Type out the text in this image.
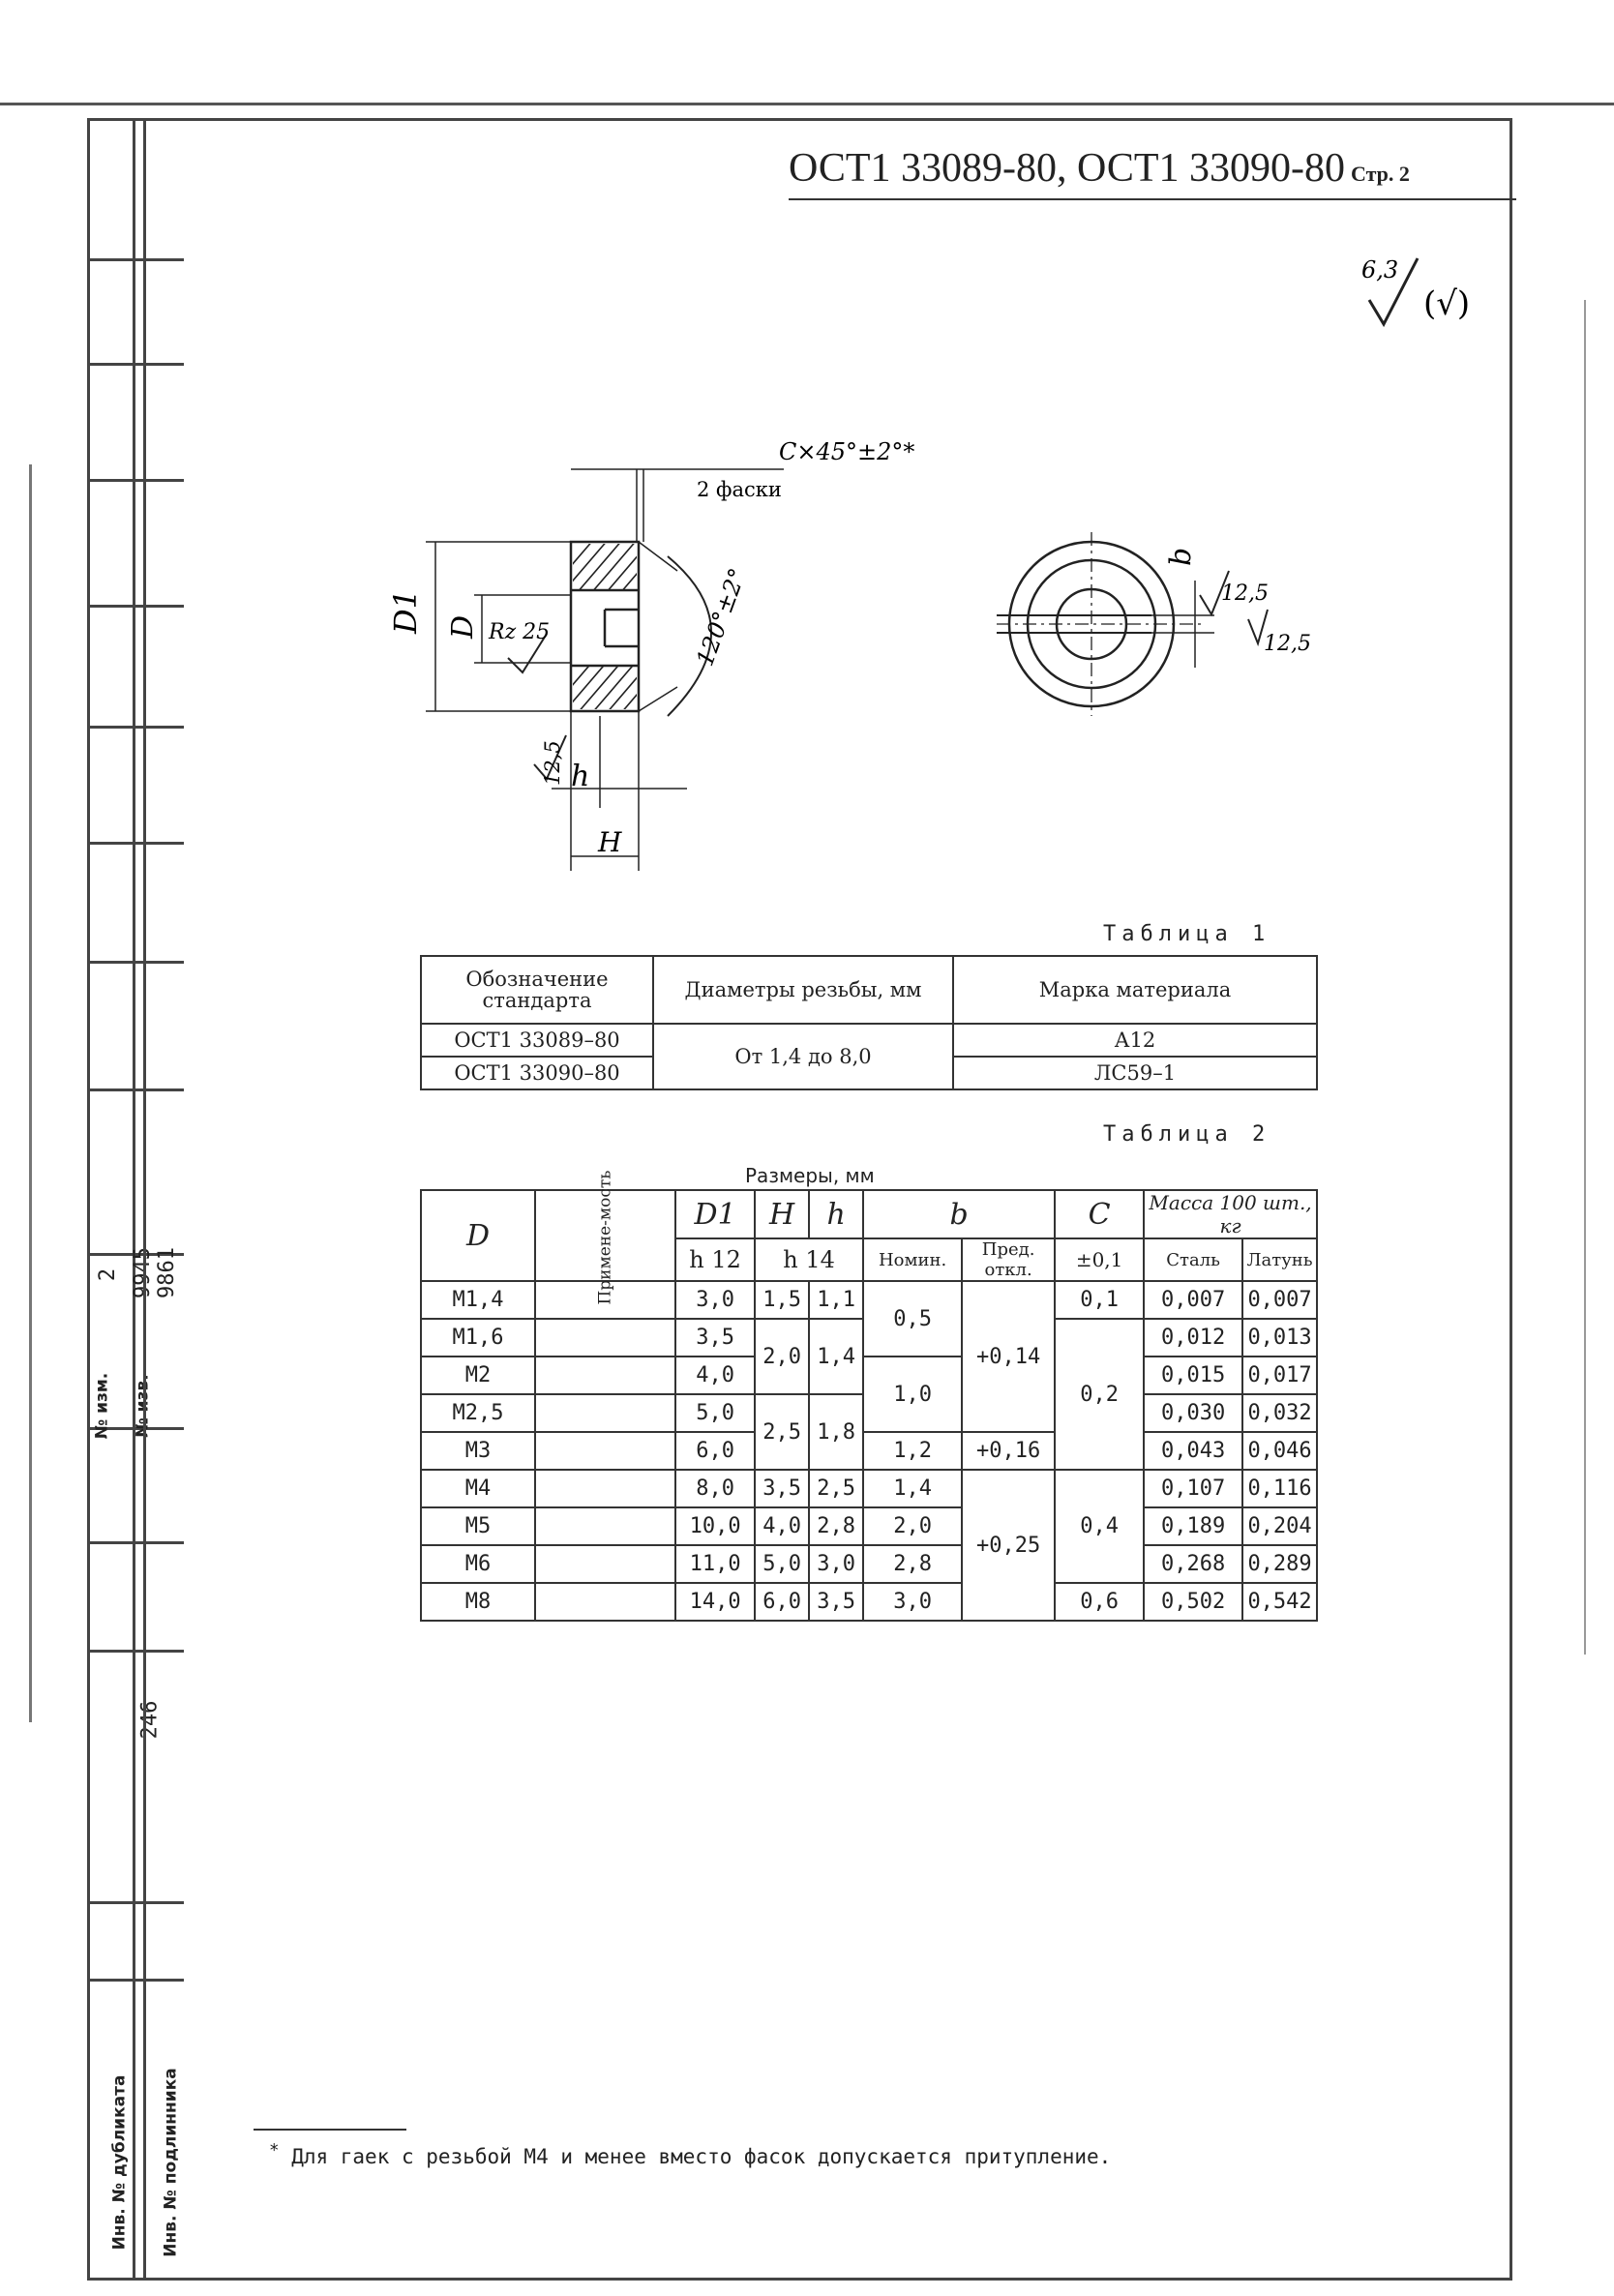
№ изм. № изв.
2 9945 9861
246
Инв. № дубликата Инв. № подлинника
ОСТ1 33089-80, ОСТ1 33090-80 Стр. 2
6,3
(√)
C×45°±2°*
2 фаски
120°±2°
D1 D Rz 25
h
H
12,5
b
12,5
12,5
Таблица 1
Обозначение стандарта	Диаметры резьбы, мм	Марка материала
ОСТ1 33089–80	От 1,4 до 8,0	А12
ОСТ1 33090–80		ЛС59–1
Таблица 2
Размеры, мм
D	Примене-мость	D1	H	h	b		C	Масса 100 шт., кг	
			h 14		Номин.	Пред. откл.		Сталь	Латунь
		h 12					±0,1		
M1,4		3,0	1,5	1,1	0,5	+0,14	0,1	0,007	0,007
M1,6		3,5	2,0	1,4			0,2	0,012	0,013
M2		4,0			1,0			0,015	0,017
M2,5		5,0	2,5	1,8				0,030	0,032
M3		6,0			1,2	+0,16		0,043	0,046
M4		8,0	3,5	2,5	1,4	+0,25	0,4	0,107	0,116
M5		10,0	4,0	2,8	2,0			0,189	0,204
M6		11,0	5,0	3,0	2,8			0,268	0,289
M8		14,0	6,0	3,5	3,0		0,6	0,502	0,542
* Для гаек с резьбой М4 и менее вместо фасок допускается притупление.
